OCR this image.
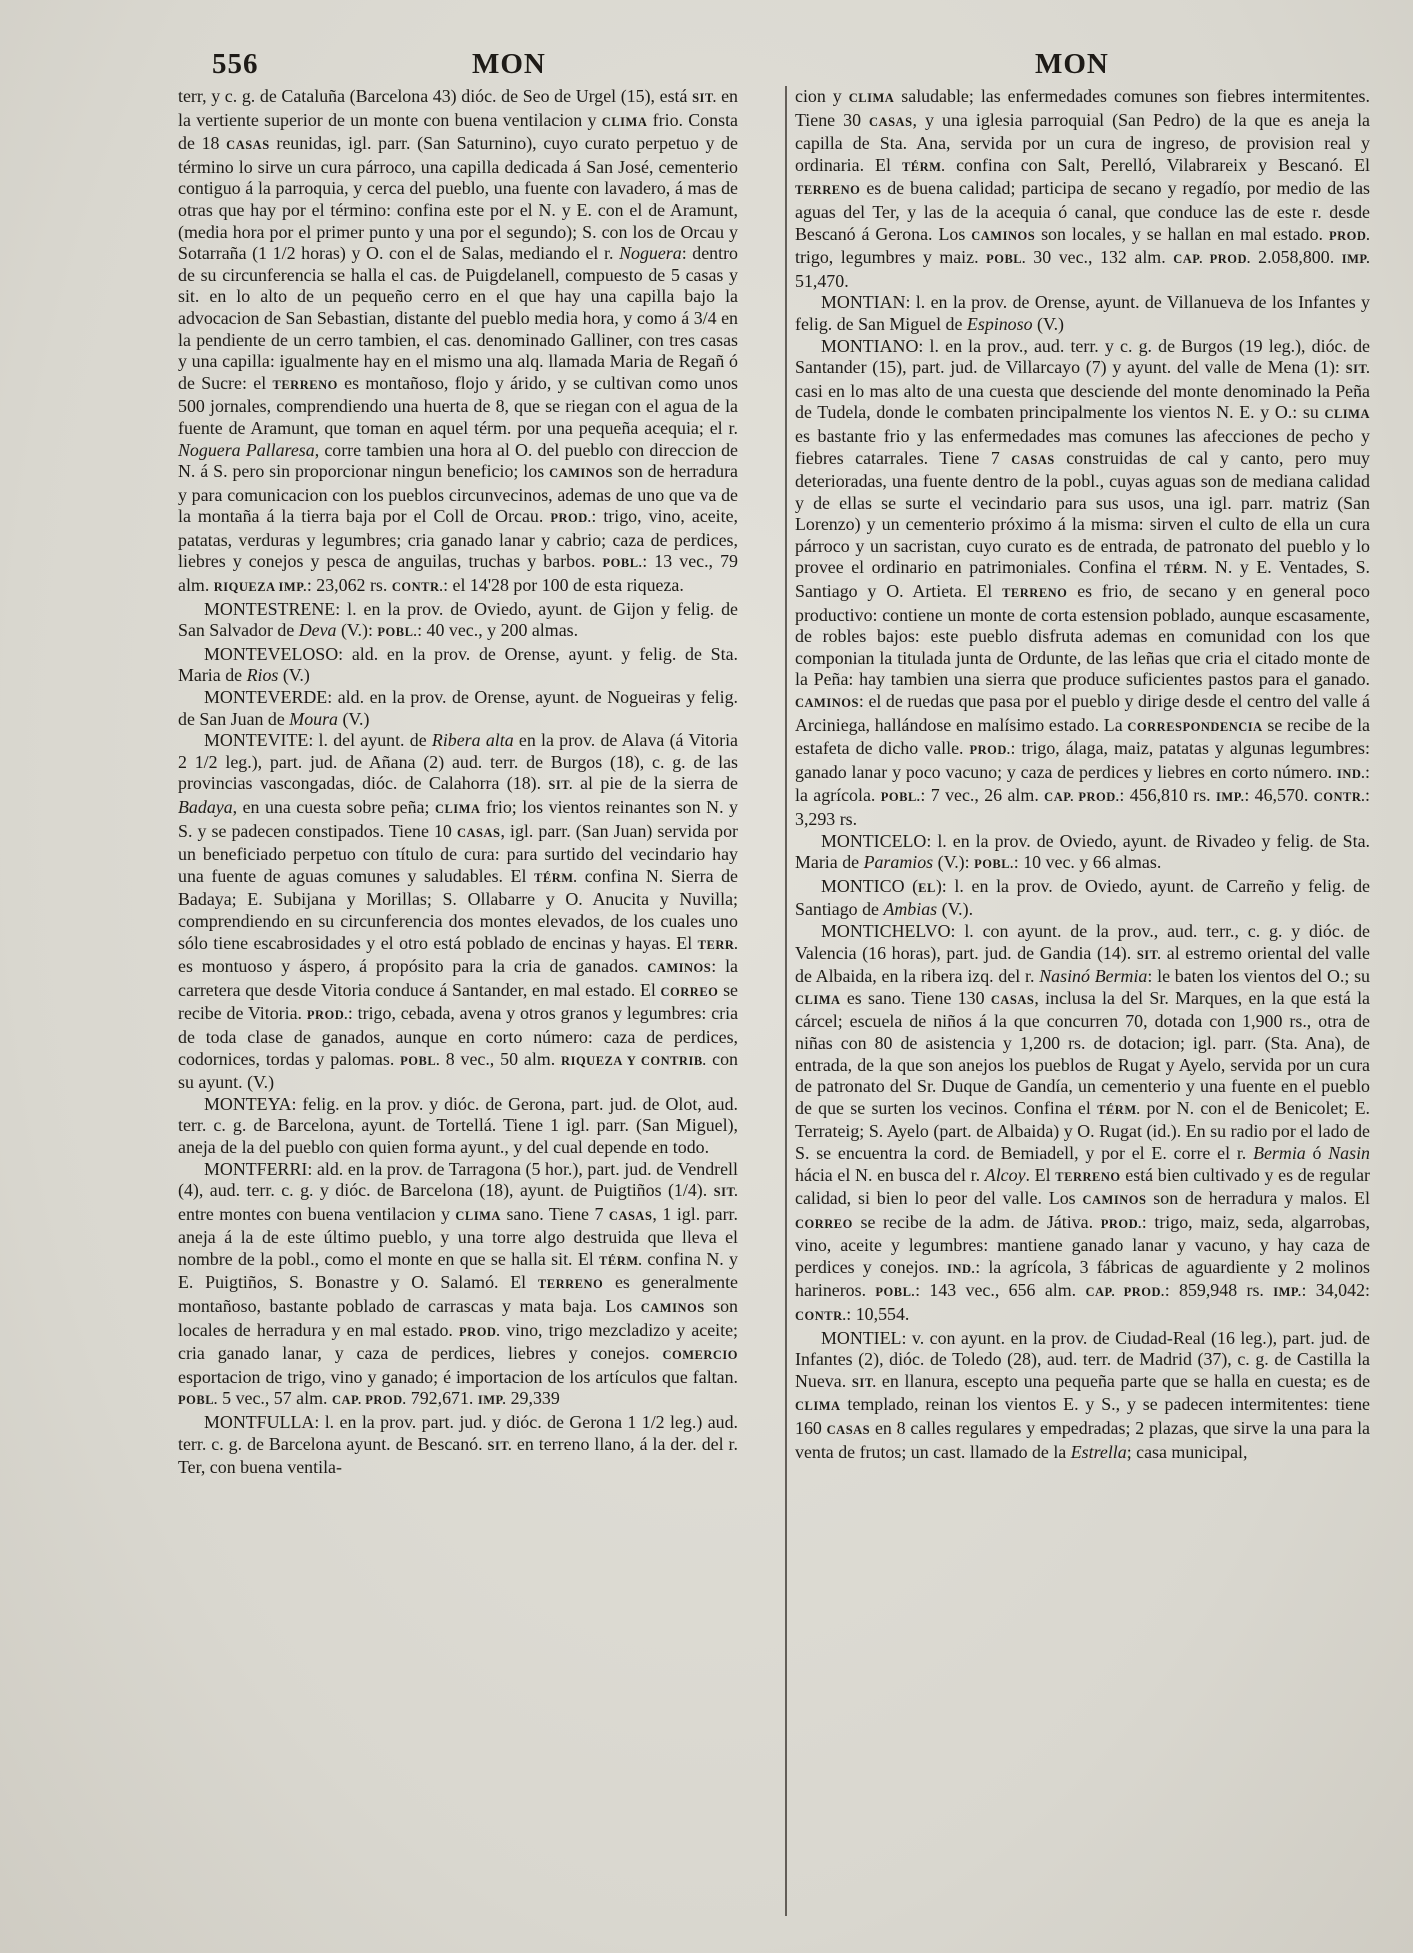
556	MON	MON

terr, y c. g. de Cataluña (Barcelona 43) dióc. de Seo de Urgel (15), está SIT. en la vertiente superior de un monte con buena ventilacion y CLIMA frio. Consta de 18 CASAS reunidas, igl. parr. (San Saturnino), cuyo curato perpetuo y de término lo sirve un cura párroco, una capilla dedicada á San José, cementerio contiguo á la parroquia, y cerca del pueblo, una fuente con lavadero, á mas de otras que hay por el término: confina este por el N. y E. con el de Aramunt, (media hora por el primer punto y una por el segundo); S. con los de Orcau y Sotarraña (1 1/2 horas) y O. con el de Salas, mediando el r. Noguera: dentro de su circunferencia se halla el cas. de Puigdelanell, compuesto de 5 casas y sit. en lo alto de un pequeño cerro en el que hay una capilla bajo la advocacion de San Sebastian, distante del pueblo media hora, y como á 3/4 en la pendiente de un cerro tambien, el cas. denominado Galliner, con tres casas y una capilla: igualmente hay en el mismo una alq. llamada Maria de Regañ ó de Sucre: el TERRENO es montañoso, flojo y árido, y se cultivan como unos 500 jornales, comprendiendo una huerta de 8, que se riegan con el agua de la fuente de Aramunt, que toman en aquel térm. por una pequeña acequia; el r. Noguera Pallaresa, corre tambien una hora al O. del pueblo con direccion de N. á S. pero sin proporcionar ningun beneficio; los CAMINOS son de herradura y para comunicacion con los pueblos circunvecinos, ademas de uno que va de la montaña á la tierra baja por el Coll de Orcau. PROD.: trigo, vino, aceite, patatas, verduras y legumbres; cria ganado lanar y cabrio; caza de perdices, liebres y conejos y pesca de anguilas, truchas y barbos. POBL.: 13 vec., 79 alm. RIQUEZA IMP.: 23,062 rs. CONTR.: el 14'28 por 100 de esta riqueza.

MONTESTRENE: l. en la prov. de Oviedo, ayunt. de Gijon y felig. de San Salvador de Deva (V.): POBL.: 40 vec., y 200 almas.

MONTEVELOSO: ald. en la prov. de Orense, ayunt. y felig. de Sta. Maria de Rios (V.)

MONTEVERDE: ald. en la prov. de Orense, ayunt. de Nogueiras y felig. de San Juan de Moura (V.)

MONTEVITE: l. del ayunt. de Ribera alta en la prov. de Alava (á Vitoria 2 1/2 leg.), part. jud. de Añana (2) aud. terr. de Burgos (18), c. g. de las provincias vascongadas, dióc. de Calahorra (18). SIT. al pie de la sierra de Badaya, en una cuesta sobre peña; CLIMA frio; los vientos reinantes son N. y S. y se padecen constipados. Tiene 10 CASAS, igl. parr. (San Juan) servida por un beneficiado perpetuo con título de cura: para surtido del vecindario hay una fuente de aguas comunes y saludables. El TÉRM. confina N. Sierra de Badaya; E. Subijana y Morillas; S. Ollabarre y O. Anucita y Nuvilla; comprendiendo en su circunferencia dos montes elevados, de los cuales uno sólo tiene escabrosidades y el otro está poblado de encinas y hayas. El TERR. es montuoso y áspero, á propósito para la cria de ganados. CAMINOS: la carretera que desde Vitoria conduce á Santander, en mal estado. El CORREO se recibe de Vitoria. PROD.: trigo, cebada, avena y otros granos y legumbres: cria de toda clase de ganados, aunque en corto número: caza de perdices, codornices, tordas y palomas. POBL. 8 vec., 50 alm. RIQUEZA Y CONTRIB. con su ayunt. (V.)

MONTEYA: felig. en la prov. y dióc. de Gerona, part. jud. de Olot, aud. terr. c. g. de Barcelona, ayunt. de Tortellá. Tiene 1 igl. parr. (San Miguel), aneja de la del pueblo con quien forma ayunt., y del cual depende en todo.

MONTFERRI: ald. en la prov. de Tarragona (5 hor.), part. jud. de Vendrell (4), aud. terr. c. g. y dióc. de Barcelona (18), ayunt. de Puigtiños (1/4). SIT. entre montes con buena ventilacion y CLIMA sano. Tiene 7 CASAS, 1 igl. parr. aneja á la de este último pueblo, y una torre algo destruida que lleva el nombre de la pobl., como el monte en que se halla sit. El TÉRM. confina N. y E. Puigtiños, S. Bonastre y O. Salamó. El TERRENO es generalmente montañoso, bastante poblado de carrascas y mata baja. Los CAMINOS son locales de herradura y en mal estado. PROD. vino, trigo mezcladizo y aceite; cria ganado lanar, y caza de perdices, liebres y conejos. COMERCIO esportacion de trigo, vino y ganado; é importacion de los artículos que faltan. POBL. 5 vec., 57 alm. CAP. PROD. 792,671. IMP. 29,339

MONTFULLA: l. en la prov. part. jud. y dióc. de Gerona 1 1/2 leg.) aud. terr. c. g. de Barcelona ayunt. de Bescanó. SIT. en terreno llano, á la der. del r. Ter, con buena ventila-

cion y CLIMA saludable; las enfermedades comunes son fiebres intermitentes. Tiene 30 CASAS, y una iglesia parroquial (San Pedro) de la que es aneja la capilla de Sta. Ana, servida por un cura de ingreso, de provision real y ordinaria. El TÉRM. confina con Salt, Perelló, Vilabrareix y Bescanó. El TERRENO es de buena calidad; participa de secano y regadío, por medio de las aguas del Ter, y las de la acequia ó canal, que conduce las de este r. desde Bescanó á Gerona. Los CAMINOS son locales, y se hallan en mal estado. PROD. trigo, legumbres y maiz. POBL. 30 vec., 132 alm. CAP. PROD. 2.058,800. IMP. 51,470.

MONTIAN: l. en la prov. de Orense, ayunt. de Villanueva de los Infantes y felig. de San Miguel de Espinoso (V.)

MONTIANO: l. en la prov., aud. terr. y c. g. de Burgos (19 leg.), dióc. de Santander (15), part. jud. de Villarcayo (7) y ayunt. del valle de Mena (1): SIT. casi en lo mas alto de una cuesta que desciende del monte denominado la Peña de Tudela, donde le combaten principalmente los vientos N. E. y O.: su CLIMA es bastante frio y las enfermedades mas comunes las afecciones de pecho y fiebres catarrales. Tiene 7 CASAS construidas de cal y canto, pero muy deterioradas, una fuente dentro de la pobl., cuyas aguas son de mediana calidad y de ellas se surte el vecindario para sus usos, una igl. parr. matriz (San Lorenzo) y un cementerio próximo á la misma: sirven el culto de ella un cura párroco y un sacristan, cuyo curato es de entrada, de patronato del pueblo y lo provee el ordinario en patrimoniales. Confina el TÉRM. N. y E. Ventades, S. Santiago y O. Artieta. El TERRENO es frio, de secano y en general poco productivo: contiene un monte de corta estension poblado, aunque escasamente, de robles bajos: este pueblo disfruta ademas en comunidad con los que componian la titulada junta de Ordunte, de las leñas que cria el citado monte de la Peña: hay tambien una sierra que produce suficientes pastos para el ganado. CAMINOS: el de ruedas que pasa por el pueblo y dirige desde el centro del valle á Arciniega, hallándose en malísimo estado. La CORRESPONDENCIA se recibe de la estafeta de dicho valle. PROD.: trigo, álaga, maiz, patatas y algunas legumbres: ganado lanar y poco vacuno; y caza de perdices y liebres en corto número. IND.: la agrícola. POBL.: 7 vec., 26 alm. CAP. PROD.: 456,810 rs. IMP.: 46,570. CONTR.: 3,293 rs.

MONTICELO: l. en la prov. de Oviedo, ayunt. de Rivadeo y felig. de Sta. Maria de Paramios (V.): POBL.: 10 vec. y 66 almas.

MONTICO (EL): l. en la prov. de Oviedo, ayunt. de Carreño y felig. de Santiago de Ambias (V.).

MONTICHELVO: l. con ayunt. de la prov., aud. terr., c. g. y dióc. de Valencia (16 horas), part. jud. de Gandia (14). SIT. al estremo oriental del valle de Albaida, en la ribera izq. del r. Nasinó Bermia: le baten los vientos del O.; su CLIMA es sano. Tiene 130 CASAS, inclusa la del Sr. Marques, en la que está la cárcel; escuela de niños á la que concurren 70, dotada con 1,900 rs., otra de niñas con 80 de asistencia y 1,200 rs. de dotacion; igl. parr. (Sta. Ana), de entrada, de la que son anejos los pueblos de Rugat y Ayelo, servida por un cura de patronato del Sr. Duque de Gandía, un cementerio y una fuente en el pueblo de que se surten los vecinos. Confina el TÉRM. por N. con el de Benicolet; E. Terrateig; S. Ayelo (part. de Albaida) y O. Rugat (id.). En su radio por el lado de S. se encuentra la cord. de Bemiadell, y por el E. corre el r. Bermia ó Nasin hácia el N. en busca del r. Alcoy. El TERRENO está bien cultivado y es de regular calidad, si bien lo peor del valle. Los CAMINOS son de herradura y malos. El CORREO se recibe de la adm. de Játiva. PROD.: trigo, maiz, seda, algarrobas, vino, aceite y legumbres: mantiene ganado lanar y vacuno, y hay caza de perdices y conejos. IND.: la agrícola, 3 fábricas de aguardiente y 2 molinos harineros. POBL.: 143 vec., 656 alm. CAP. PROD.: 859,948 rs. IMP.: 34,042: CONTR.: 10,554.

MONTIEL: v. con ayunt. en la prov. de Ciudad-Real (16 leg.), part. jud. de Infantes (2), dióc. de Toledo (28), aud. terr. de Madrid (37), c. g. de Castilla la Nueva. SIT. en llanura, escepto una pequeña parte que se halla en cuesta; es de CLIMA templado, reinan los vientos E. y S., y se padecen intermitentes: tiene 160 CASAS en 8 calles regulares y empedradas; 2 plazas, que sirve la una para la venta de frutos; un cast. llamado de la Estrella; casa municipal,
